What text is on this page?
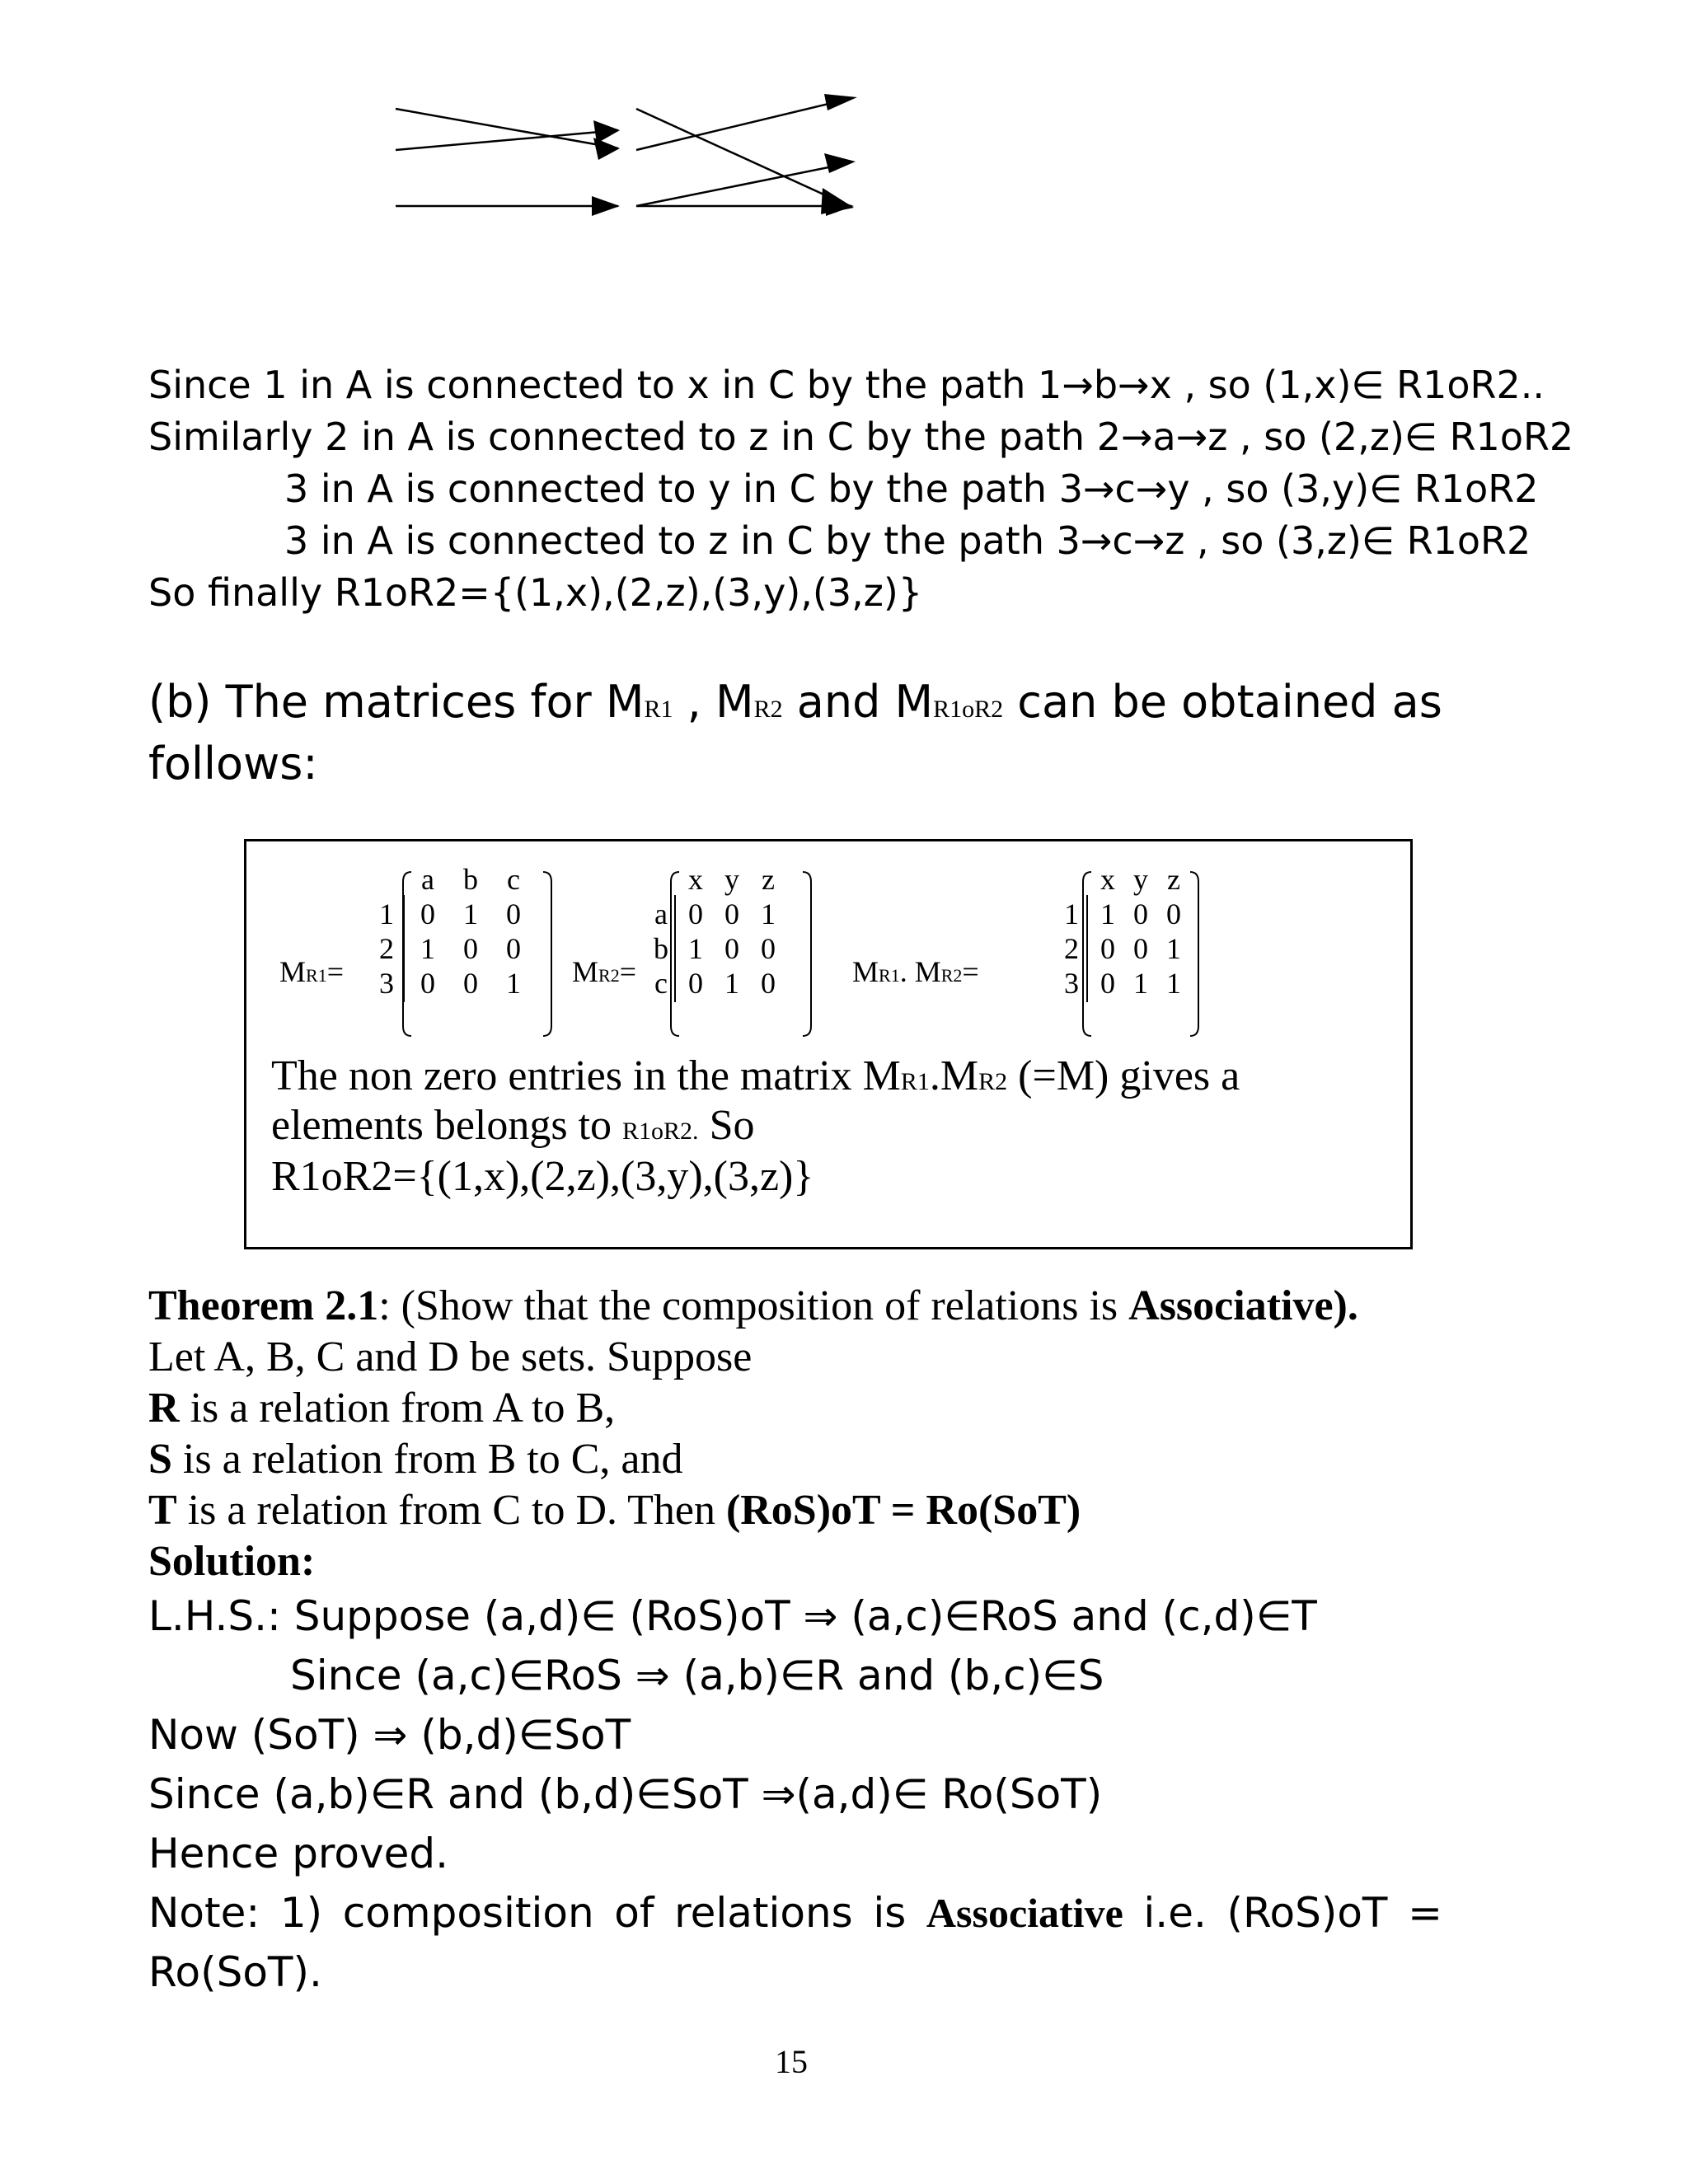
Since 1 in A is connected to x in C by the path 1→b→x , so (1,x)∈ R1oR2..
Similarly 2 in A is connected to z in C by the path 2→a→z , so (2,z)∈ R1oR2
3 in A is connected to y in C by the path 3→c→y , so (3,y)∈ R1oR2
3 in A is connected to z in C by the path 3→c→z , so (3,z)∈ R1oR2
So finally R1oR2={(1,x),(2,z),(3,y),(3,z)}
(b) The matrices for MR1 , MR2 and MR1oR2 can be obtained as
follows:
MR1=
a b c
1
2
3
0 1 0
1 0 0
0 0 1	MR2=
x y z
a
b
c
0 0 1
1 0 0
0 1 0	MR1. MR2=
x y z
1
2
3
1 0 0
0 0 1
0 1 1
The non zero entries in the matrix MR1.MR2 (=M) gives a
elements belongs to R1oR2. So
R1oR2={(1,x),(2,z),(3,y),(3,z)}
Theorem 2.1: (Show that the composition of relations is Associative).
Let A, B, C and D be sets. Suppose
R is a relation from A to B,
S is a relation from B to C, and
T is a relation from C to D. Then (RoS)oT = Ro(SoT)
Solution:
L.H.S.: Suppose (a,d)∈ (RoS)oT ⇒ (a,c)∈RoS and (c,d)∈T
Since (a,c)∈RoS ⇒ (a,b)∈R and (b,c)∈S
Now (SoT) ⇒ (b,d)∈SoT
Since (a,b)∈R and (b,d)∈SoT ⇒(a,d)∈ Ro(SoT)
Hence proved.
Note: 1) composition of relations is Associative i.e. (RoS)oT =
Ro(SoT).
15
